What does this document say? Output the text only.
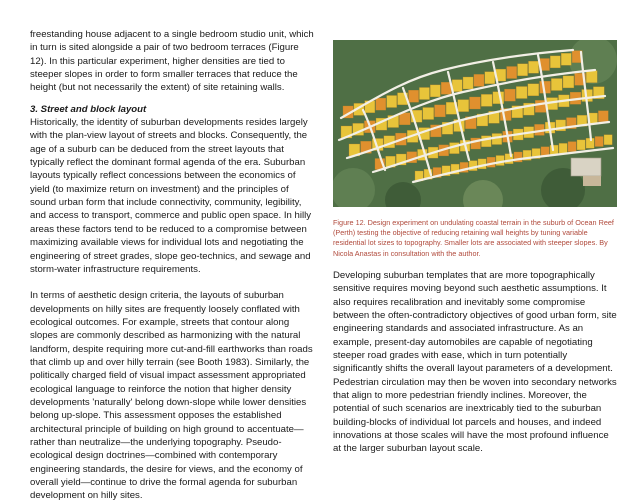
freestanding house adjacent to a single bedroom studio unit, which in turn is sited alongside a pair of two bedroom terraces (Figure 12). In this particular experiment, higher densities are tied to steeper slopes in order to form smaller terraces that reduce the height (but not necessarily the extent) of site retaining walls.

3. Street and block layout

Historically, the identity of suburban developments resides largely with the plan-view layout of streets and blocks. Consequently, the age of a suburb can be deduced from the street layouts that typically reflect the dominant formal agenda of the era. Suburban layouts typically reflect concessions between the economics of yield (to maximize return on investment) and the principles of sound urban form that include connectivity, community, legibility, and access to transport, commerce and public open space. In hilly areas these factors tend to be reduced to a compromise between maximizing available views for individual lots and negotiating the engineering of street grades, slope geo-technics, and sewage and storm-water infrastructure requirements.

In terms of aesthetic design criteria, the layouts of suburban developments on hilly sites are frequently loosely conflated with ecological outcomes. For example, streets that contour along slopes are commonly described as harmonizing with the natural landform, despite requiring more cut-and-fill earthworks than roads that climb up and over hilly terrain (see Booth 1983). Similarly, the politically charged field of visual impact assessment appropriated ecological language to reinforce the notion that higher density developments 'naturally' belong down-slope while lower densities belong up-slope. This assessment opposes the established architectural principle of building on high ground to accentuate—rather than neutralize—the underlying topography. Pseudo-ecological design doctrines—combined with contemporary engineering standards, the desire for views, and the economy of overall yield—continue to drive the formal agenda for suburban development on hilly sites.

Figure 12. Design experiment on undulating coastal terrain in the suburb of Ocean Reef (Perth) testing the objective of reducing retaining wall heights by tuning variable residential lot sizes to topography. Smaller lots are associated with steeper slopes. By Nicola Anastas in consultation with the author.

Developing suburban templates that are more topographically sensitive requires moving beyond such aesthetic assumptions. It also requires recalibration and inevitably some compromise between the often-contradictory objectives of good urban form, site engineering standards and associated infrastructure. As an example, present-day automobiles are capable of negotiating steeper road grades with ease, which in turn potentially significantly shifts the overall layout parameters of a development. Pedestrian circulation may then be woven into secondary networks that align to more pedestrian friendly inclines. Moreover, the potential of such scenarios are inextricably tied to the suburban building-blocks of individual lot parcels and houses, and indeed innovations at those scales will have the most profound influence at the larger suburban layout scale.
